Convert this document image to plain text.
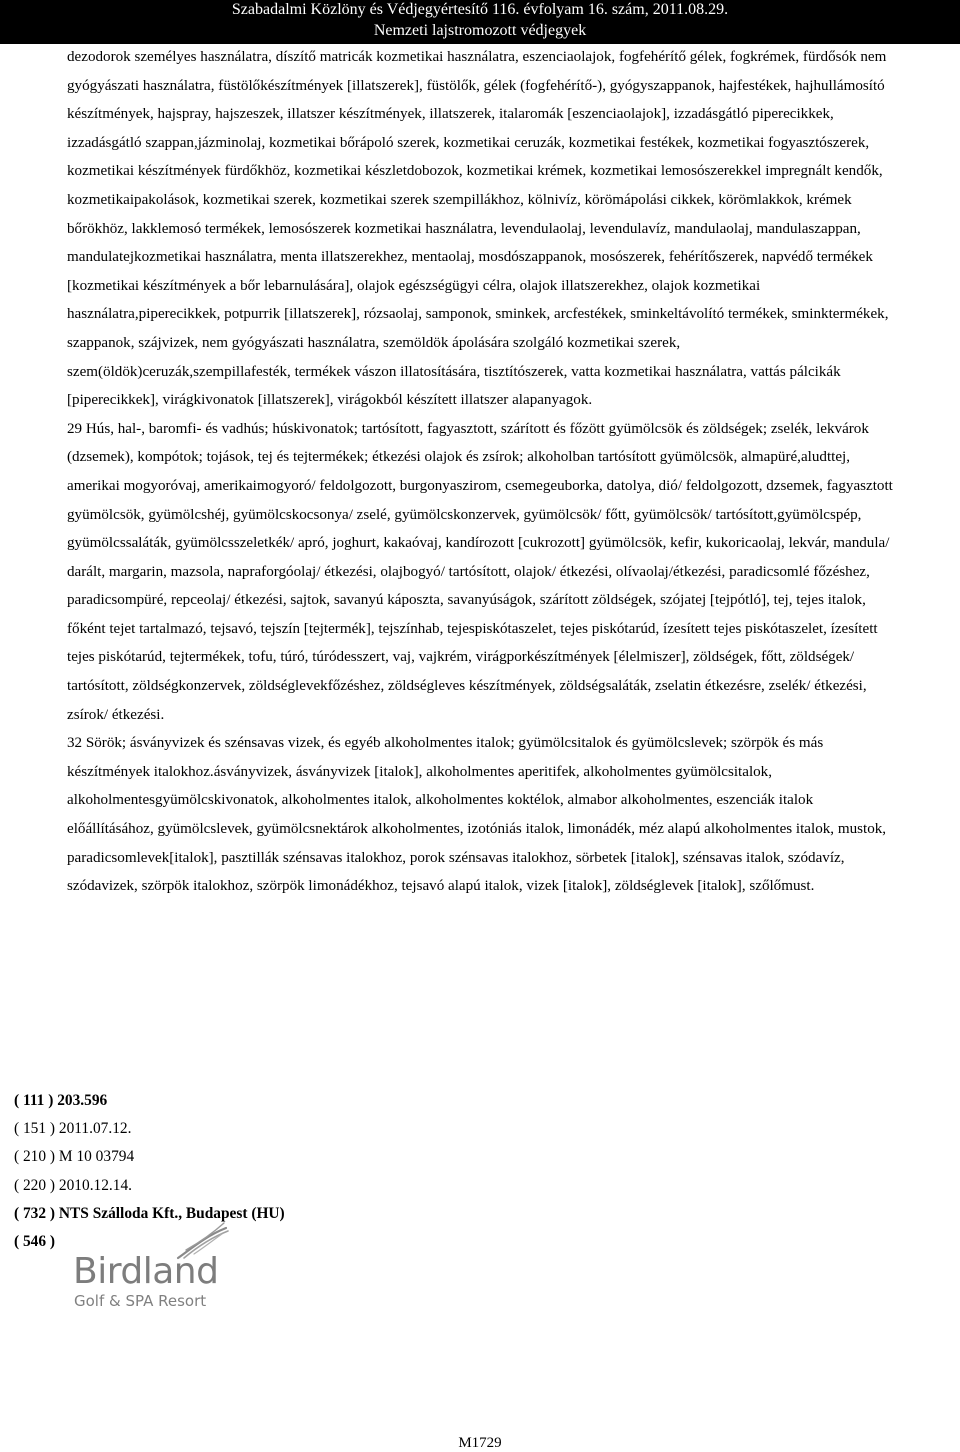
Szabadalmi Közlöny és Védjegyértesítő 116. évfolyam 16. szám, 2011.08.29.
Nemzeti lajstromozott védjegyek

dezodorok személyes használatra, díszítő matricák kozmetikai használatra, eszenciaolajok, fogfehérítő gélek, fogkrémek, fürdősók nem gyógyászati használatra, füstölőkészítmények [illatszerek], füstölők, gélek (fogfehérítő-), gyógyszappanok, hajfestékek, hajhullámosító készítmények, hajspray, hajszeszek, illatszer készítmények, illatszerek, italaromák [eszenciaolajok], izzadásgátló piperecikkek, izzadásgátló szappan,jázminolaj, kozmetikai bőrápoló szerek, kozmetikai ceruzák, kozmetikai festékek, kozmetikai fogyasztószerek, kozmetikai készítmények fürdőkhöz, kozmetikai készletdobozok, kozmetikai krémek, kozmetikai lemosószerekkel impregnált kendők, kozmetikaipakolások, kozmetikai szerek, kozmetikai szerek szempillákhoz, kölnivíz, körömápolási cikkek, körömlakkok, krémek bőrökhöz, lakklemosó termékek, lemosószerek kozmetikai használatra, levendulaolaj, levendulavíz, mandulaolaj, mandulaszappan, mandulatejkozmetikai használatra, menta illatszerekhez, mentaolaj, mosdószappanok, mosószerek, fehérítőszerek, napvédő termékek [kozmetikai készítmények a bőr lebarnulására], olajok egészségügyi célra, olajok illatszerekhez, olajok kozmetikai használatra,piperecikkek, potpurrik [illatszerek], rózsaolaj, samponok, sminkek, arcfestékek, sminkeltávolító termékek, sminktermékek, szappanok, szájvizek, nem gyógyászati használatra, szemöldök ápolására szolgáló kozmetikai szerek, szem(öldök)ceruzák,szempillafesték, termékek vászon illatosítására, tisztítószerek, vatta kozmetikai használatra, vattás pálcikák [piperecikkek], virágkivonatok [illatszerek], virágokból készített illatszer alapanyagok.

29 Hús, hal-, baromfi- és vadhús; húskivonatok; tartósított, fagyasztott, szárított és főzött gyümölcsök és zöldségek; zselék, lekvárok (dzsemek), kompótok; tojások, tej és tejtermékek; étkezési olajok és zsírok; alkoholban tartósított gyümölcsök, almapüré,aludttej, amerikai mogyoróvaj, amerikaimogyoró/ feldolgozott, burgonyaszirom, csemegeuborka, datolya, dió/ feldolgozott, dzsemek, fagyasztott gyümölcsök, gyümölcshéj, gyümölcskocsonya/ zselé, gyümölcskonzervek, gyümölcsök/ főtt, gyümölcsök/ tartósított,gyümölcspép, gyümölcssaláták, gyümölcsszeletkék/ apró, joghurt, kakaóvaj, kandírozott [cukrozott] gyümölcsök, kefir, kukoricaolaj, lekvár, mandula/ darált, margarin, mazsola, napraforgóolaj/ étkezési, olajbogyó/ tartósított, olajok/ étkezési, olívaolaj/étkezési, paradicsomlé főzéshez, paradicsompüré, repceolaj/ étkezési, sajtok, savanyú káposzta, savanyúságok, szárított zöldségek, szójatej [tejpótló], tej, tejes italok, főként tejet tartalmazó, tejsavó, tejszín [tejtermék], tejszínhab, tejespiskótaszelet, tejes piskótarúd, ízesített tejes piskótaszelet, ízesített tejes piskótarúd, tejtermékek, tofu, túró, túródesszert, vaj, vajkrém, virágporkészítmények [élelmiszer], zöldségek, főtt, zöldségek/ tartósított, zöldségkonzervek, zöldséglevekfőzéshez, zöldségleves készítmények, zöldségsaláták, zselatin étkezésre, zselék/ étkezési, zsírok/ étkezési.

32 Sörök; ásványvizek és szénsavas vizek, és egyéb alkoholmentes italok; gyümölcsitalok és gyümölcslevek; szörpök és más készítmények italokhoz.ásványvizek, ásványvizek [italok], alkoholmentes aperitifek, alkoholmentes gyümölcsitalok, alkoholmentesgyümölcskivonatok, alkoholmentes italok, alkoholmentes koktélok, almabor alkoholmentes, eszenciák italok előállításához, gyümölcslevek, gyümölcsnektárok alkoholmentes, izotóniás italok, limonádék, méz alapú alkoholmentes italok, mustok, paradicsomlevek[italok], pasztillák szénsavas italokhoz, porok szénsavas italokhoz, sörbetek [italok], szénsavas italok, szódavíz, szódavizek, szörpök italokhoz, szörpök limonádékhoz, tejsavó alapú italok, vizek [italok], zöldséglevek [italok], szőlőmust.

( 111 ) 203.596
( 151 ) 2011.07.12.
( 210 ) M 10 03794
( 220 ) 2010.12.14.
( 732 ) NTS Szálloda Kft., Budapest (HU)
( 546 )
Birdland
Golf & SPA Resort
M1729
